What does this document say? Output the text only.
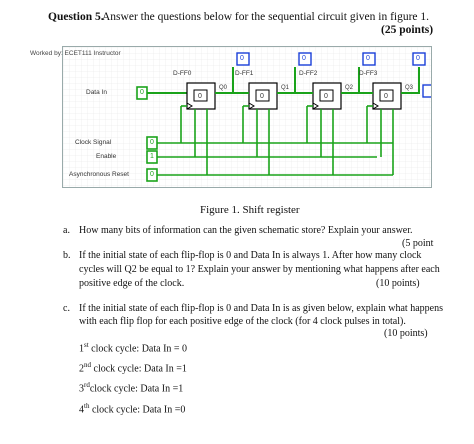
Question 5.
Answer the questions below for the sequential circuit given in figure 1.
(25 points)
D-FF0	D-FF1	D-FF2	D-FF3
Q0	Q1	Q2	Q3
Data In
Clock Signal
Enable
Asynchronous Reset
0	0	0	0
0
0
1
0
0	0	0	0
Worked by: ECET111 Instructor
Figure 1. Shift register
a. How many bits of information can the given schematic store? Explain your answer.
(5 point
b. If the initial state of each flip-flop is 0 and Data In is always 1. After how many clock
cycles will Q2 be equal to 1? Explain your answer by mentioning what happens after each
positive edge of the clock.	(10 points)
c. If the initial state of each flip-flop is 0 and Data In is as given below, explain what happens
with each flip flop for each positive edge of the clock (for 4 clock pulses in total).
(10 points)
1st clock cycle: Data In = 0
2nd clock cycle: Data In =1
3rdclock cycle: Data In =1
4th clock cycle: Data In =0
